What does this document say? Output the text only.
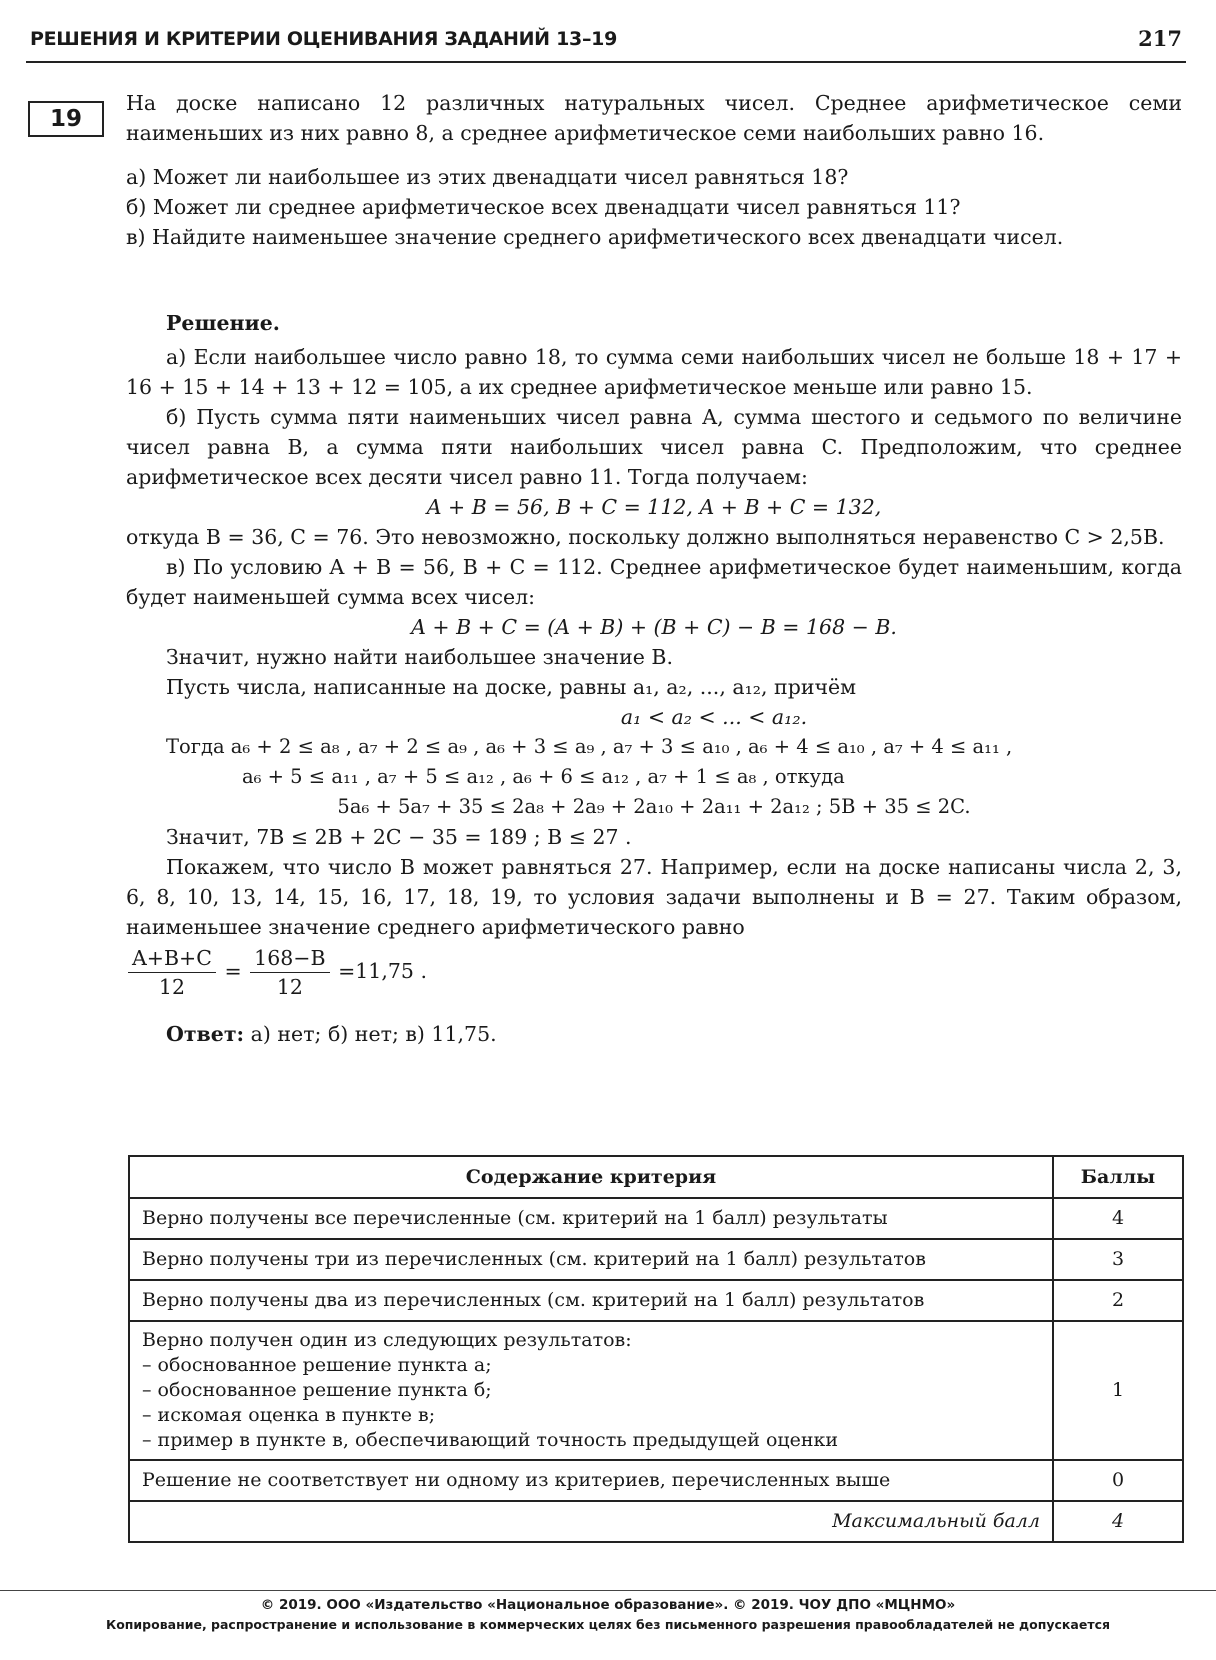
РЕШЕНИЯ И КРИТЕРИИ ОЦЕНИВАНИЯ ЗАДАНИЙ 13–19	217
19

На доске написано 12 различных натуральных чисел. Среднее арифметическое семи наименьших из них равно 8, а среднее арифметическое семи наибольших равно 16.

а) Может ли наибольшее из этих двенадцати чисел равняться 18?

б) Может ли среднее арифметическое всех двенадцати чисел равняться 11?

в) Найдите наименьшее значение среднего арифметического всех двенадцати чисел.

Решение.

а) Если наибольшее число равно 18, то сумма семи наибольших чисел не больше 18 + 17 + 16 + 15 + 14 + 13 + 12 = 105, а их среднее арифметическое меньше или равно 15.

б) Пусть сумма пяти наименьших чисел равна A, сумма шестого и седьмого по величине чисел равна B, а сумма пяти наибольших чисел равна C. Предположим, что среднее арифметическое всех десяти чисел равно 11. Тогда получаем:

A + B = 56, B + C = 112, A + B + C = 132,

откуда B = 36, C = 76. Это невозможно, поскольку должно выполняться неравенство C > 2,5B.

в) По условию A + B = 56, B + C = 112. Среднее арифметическое будет наименьшим, когда будет наименьшей сумма всех чисел:

A + B + C = (A + B) + (B + C) − B = 168 − B.

Значит, нужно найти наибольшее значение B.

Пусть числа, написанные на доске, равны a₁, a₂, ..., a₁₂, причём

a₁ < a₂ < ... < a₁₂.

Тогда a₆ + 2 ≤ a₈ , a₇ + 2 ≤ a₉ , a₆ + 3 ≤ a₉ , a₇ + 3 ≤ a₁₀ , a₆ + 4 ≤ a₁₀ , a₇ + 4 ≤ a₁₁ ,

a₆ + 5 ≤ a₁₁ , a₇ + 5 ≤ a₁₂ , a₆ + 6 ≤ a₁₂ , a₇ + 1 ≤ a₈ , откуда

5a₆ + 5a₇ + 35 ≤ 2a₈ + 2a₉ + 2a₁₀ + 2a₁₁ + 2a₁₂ ; 5B + 35 ≤ 2C.

Значит, 7B ≤ 2B + 2C − 35 = 189 ; B ≤ 27 .

Покажем, что число B может равняться 27. Например, если на доске написаны числа 2, 3, 6, 8, 10, 13, 14, 15, 16, 17, 18, 19, то условия задачи выполнены и B = 27. Таким образом, наименьшее значение среднего арифметического равно

$\frac{A+B+C}{12} = \frac{168-B}{12} =11,75$ .

Ответ: а) нет; б) нет; в) 11,75.

Содержание критерия	Баллы
Верно получены все перечисленные (см. критерий на 1 балл) результаты	4
Верно получены три из перечисленных (см. критерий на 1 балл) результатов	3
Верно получены два из перечисленных (см. критерий на 1 балл) результатов	2

Верно получен один из следующих результатов:
– обоснованное решение пункта а;
– обоснованное решение пункта б;
– искомая оценка в пункте в;
– пример в пункте в, обеспечивающий точность предыдущей оценки	1
Решение не соответствует ни одному из критериев, перечисленных выше	0
Максимальный балл	4
© 2019. ООО «Издательство «Национальное образование». © 2019. ЧОУ ДПО «МЦНМО»
Копирование, распространение и использование в коммерческих целях без письменного разрешения правообладателей не допускается
